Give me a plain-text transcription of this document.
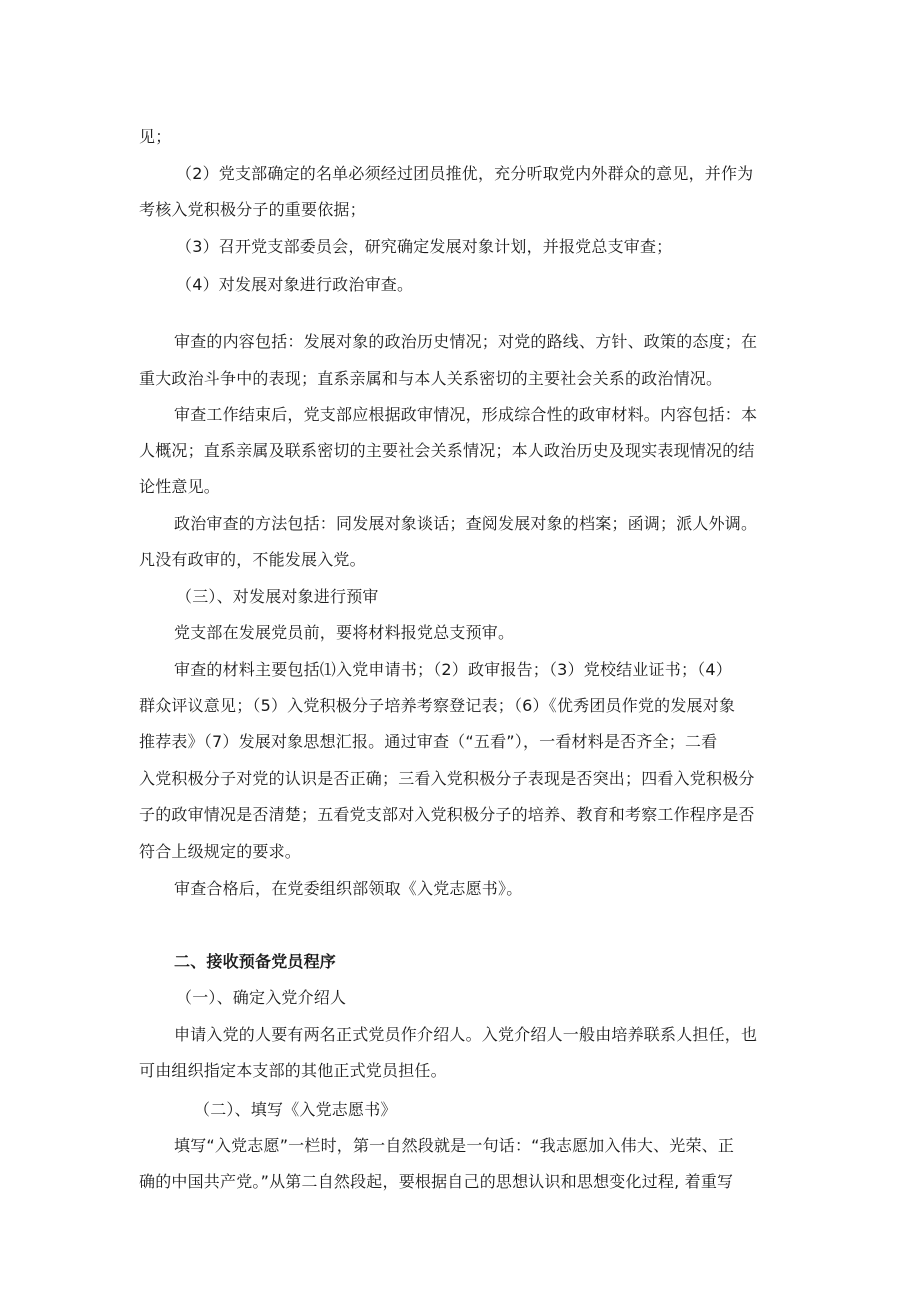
见；
（2）党支部确定的名单必须经过团员推优，充分听取党内外群众的意见，并作为
考核入党积极分子的重要依据；
（3）召开党支部委员会，研究确定发展对象计划，并报党总支审查；
（4）对发展对象进行政治审查。
审查的内容包括：发展对象的政治历史情况；对党的路线、方针、政策的态度；在
重大政治斗争中的表现；直系亲属和与本人关系密切的主要社会关系的政治情况。
审查工作结束后，党支部应根据政审情况，形成综合性的政审材料。内容包括：本
人概况；直系亲属及联系密切的主要社会关系情况；本人政治历史及现实表现情况的结
论性意见。
政治审查的方法包括：同发展对象谈话；查阅发展对象的档案；函调；派人外调。
凡没有政审的，不能发展入党。
（三）、对发展对象进行预审
党支部在发展党员前，要将材料报党总支预审。
审查的材料主要包括⑴入党申请书；（2）政审报告；（3）党校结业证书；（4）
群众评议意见；（5）入党积极分子培养考察登记表；（6）《优秀团员作党的发展对象
推荐表》（7）发展对象思想汇报。通过审查（“五看”），一看材料是否齐全；二看
入党积极分子对党的认识是否正确；三看入党积极分子表现是否突出；四看入党积极分
子的政审情况是否清楚；五看党支部对入党积极分子的培养、教育和考察工作程序是否
符合上级规定的要求。
审查合格后，在党委组织部领取《入党志愿书》。
二、接收预备党员程序
（一）、确定入党介绍人
申请入党的人要有两名正式党员作介绍人。入党介绍人一般由培养联系人担任，也
可由组织指定本支部的其他正式党员担任。
（二）、填写《入党志愿书》
填写“入党志愿”一栏时，第一自然段就是一句话：“我志愿加入伟大、光荣、正
确的中国共产党。”从第二自然段起，要根据自己的思想认识和思想变化过程, 着重写
